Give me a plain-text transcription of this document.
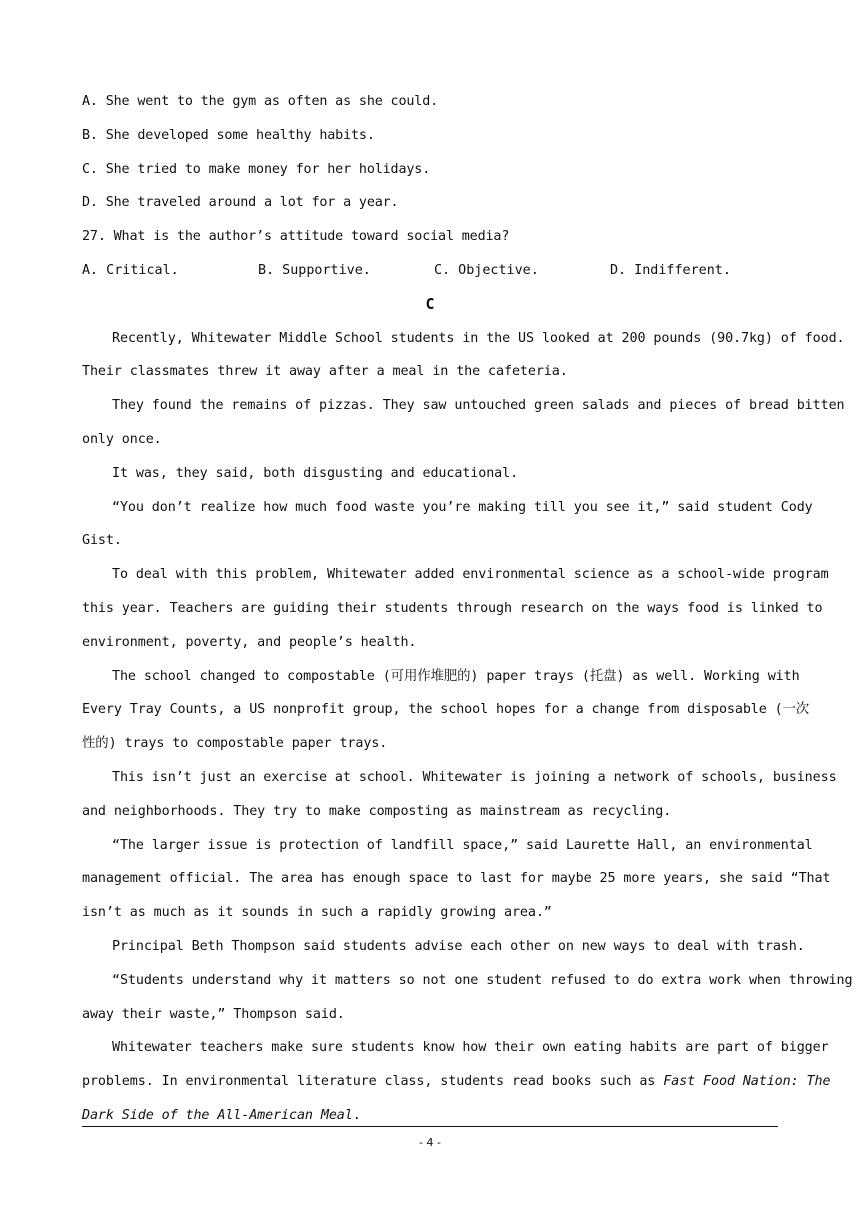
A. She went to the gym as often as she could.
B. She developed some healthy habits.
C. She tried to make money for her holidays.
D. She traveled around a lot for a year.
27. What is the author’s attitude toward social media?
A. Critical.	B. Supportive.	C. Objective.	D. Indifferent.
C
Recently, Whitewater Middle School students in the US looked at 200 pounds (90.7kg) of food.
Their classmates threw it away after a meal in the cafeteria.
They found the remains of pizzas. They saw untouched green salads and pieces of bread bitten
only once.
It was, they said, both disgusting and educational.
“You don’t realize how much food waste you’re making till you see it,” said student Cody
Gist.
To deal with this problem, Whitewater added environmental science as a school-wide program
this year. Teachers are guiding their students through research on the ways food is linked to
environment, poverty, and people’s health.
The school changed to compostable (可用作堆肥的) paper trays (托盘) as well. Working with
Every Tray Counts, a US nonprofit group, the school hopes for a change from disposable (一次
性的) trays to compostable paper trays.
This isn’t just an exercise at school. Whitewater is joining a network of schools, business
and neighborhoods. They try to make composting as mainstream as recycling.
“The larger issue is protection of landfill space,” said Laurette Hall, an environmental
management official. The area has enough space to last for maybe 25 more years, she said “That
isn’t as much as it sounds in such a rapidly growing area.”
Principal Beth Thompson said students advise each other on new ways to deal with trash.
“Students understand why it matters so not one student refused to do extra work when throwing
away their waste,” Thompson said.
Whitewater teachers make sure students know how their own eating habits are part of bigger
problems. In environmental literature class, students read books such as Fast Food Nation: The
Dark Side of the All-American Meal.
- 4 -
